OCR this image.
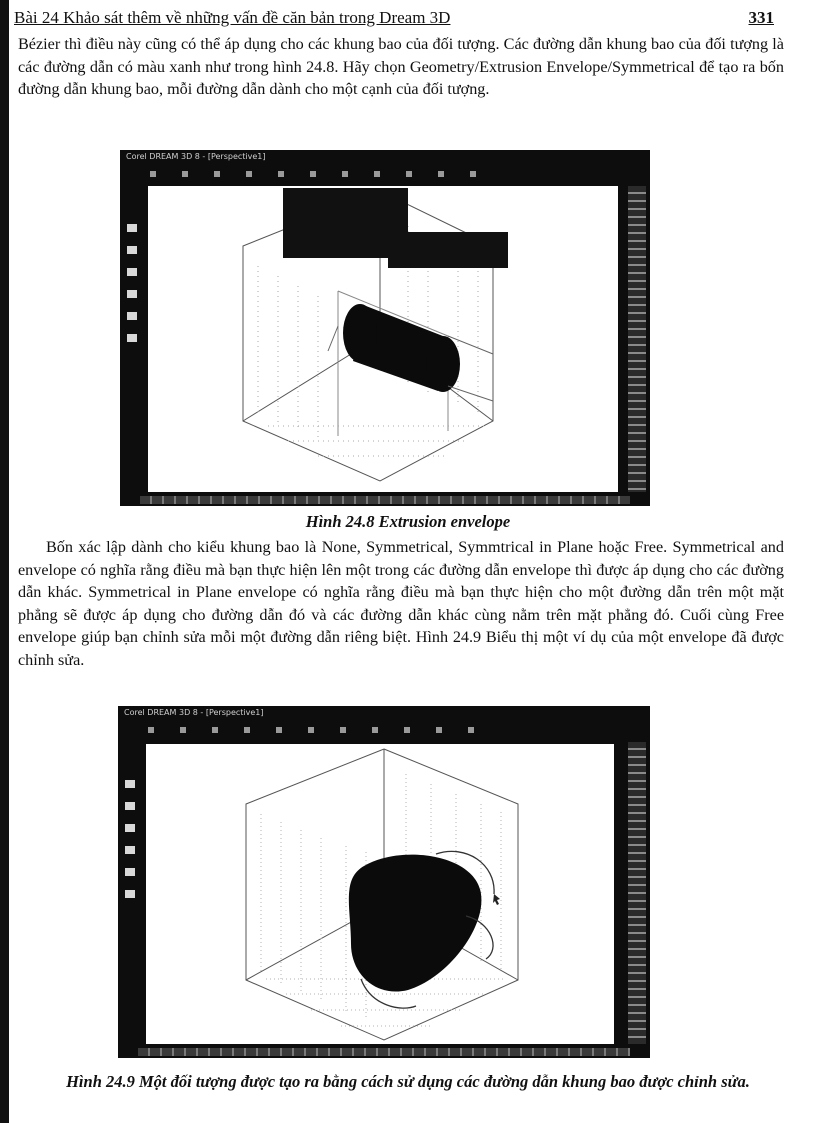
Bài 24 Khảo sát thêm về những vấn đề căn bản trong Dream 3D	331

Bézier thì điều này cũng có thể áp dụng cho các khung bao của đối tượng. Các đường dẫn khung bao của đối tượng là các đường dẫn có màu xanh như trong hình 24.8. Hãy chọn Geometry/Extrusion Envelope/Symmetrical để tạo ra bốn đường dẫn khung bao, mỗi đường dẫn dành cho một cạnh của đối tượng.

Corel DREAM 3D 8 - [Perspective1]

Hình 24.8 Extrusion envelope

Bốn xác lập dành cho kiểu khung bao là None, Symmetrical, Symmtrical in Plane hoặc Free. Symmetrical and envelope có nghĩa rằng điều mà bạn thực hiện lên một trong các đường dẫn envelope thì được áp dụng cho các đường dẫn khác. Symmetrical in Plane envelope có nghĩa rằng điều mà bạn thực hiện cho một đường dẫn trên một mặt phẳng sẽ được áp dụng cho đường dẫn đó và các đường dẫn khác cùng nằm trên mặt phẳng đó. Cuối cùng Free envelope giúp bạn chỉnh sửa mỗi một đường dẫn riêng biệt. Hình 24.9 Biểu thị một ví dụ của một envelope đã được chỉnh sửa.

Corel DREAM 3D 8 - [Perspective1]

Hình 24.9 Một đối tượng được tạo ra bằng cách sử dụng các đường dẫn khung bao được chỉnh sửa.
